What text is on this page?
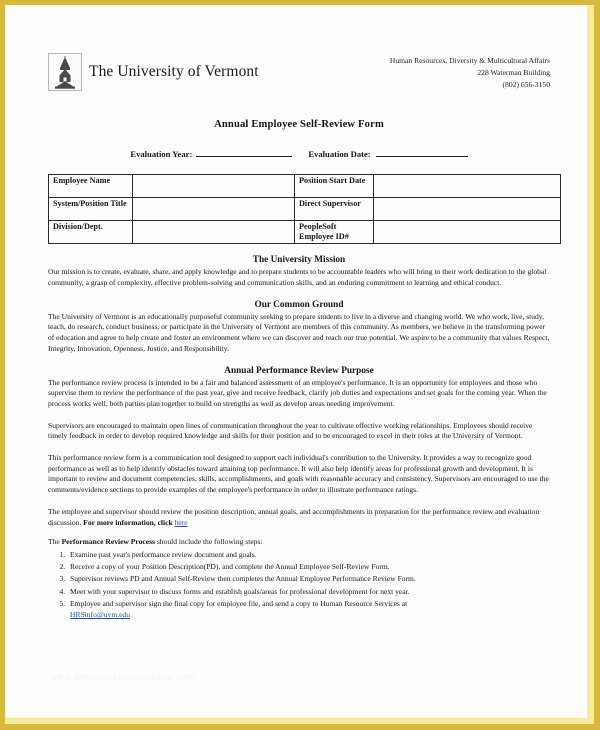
The University of Vermont
Human Resources, Diversity & Multicultural Affairs
228 Waterman Building
(802) 656-3150
Annual Employee Self-Review Form
Evaluation Year:	Evaluation Date:
Employee Name		Position Start Date	
System/Position Title		Direct Supervisor	
Division/Dept.		PeopleSoft Employee ID#	
The University Mission

Our mission is to create, evaluate, share, and apply knowledge and to prepare students to be accountable leaders who will bring to their work dedication to the global community, a grasp of complexity, effective problem-solving and communication skills, and an enduring commitment to learning and ethical conduct.

Our Common Ground

The University of Vermont is an educationally purposeful community seeking to prepare students to live in a diverse and changing world. We who work, live, study, teach, do research, conduct business, or participate in the University of Vermont are members of this community. As members, we believe in the transforming power of education and agree to help create and foster an environment where we can discover and reach our true potential. We aspire to be a community that values Respect, Integrity, Innovation, Openness, Justice, and Responsibility.

Annual Performance Review Purpose

The performance review process is intended to be a fair and balanced assessment of an employee's performance. It is an opportunity for employees and those who supervise them to review the performance of the past year, give and receive feedback, clarify job duties and expectations and set goals for the coming year. When the process works well, both parties plan together to build on strengths as well as develop areas needing improvement.

Supervisors are encouraged to maintain open lines of communication throughout the year to cultivate effective working relationships. Employees should receive timely feedback in order to develop required knowledge and skills for their position and to be encouraged to excel in their roles at the University of Vermont.

This performance review form is a communication tool designed to support each individual's contribution to the University. It provides a way to recognize good performance as well as to help identify obstacles toward attaining top performance. It will also help identify areas for professional growth and development. It is important to review and document competencies, skills, accomplishments, and goals with reasonable accuracy and consistency. Supervisors are encouraged to use the comments/evidence sections to provide examples of the employee's performance in order to illustrate performance ratings.

The employee and supervisor should review the position description, annual goals, and accomplishments in preparation for the performance review and evaluation discussion. For more information, click here

The Performance Review Process should include the following steps:
1. Examine past year's performance review document and goals.
2. Receive a copy of your Position Description(PD), and complete the Annual Employee Self-Review Form.
3. Supervisor reviews PD and Annual Self-Review then completes the Annual Employee Performance Review Form.
4. Meet with your supervisor to discuss forms and establish goals/areas for professional development for next year.
5. Employee and supervisor sign the final copy for employee file, and send a copy to Human Resource Services at
HRSinfo@uvm.edu
www.thepositionallitcollege.com
